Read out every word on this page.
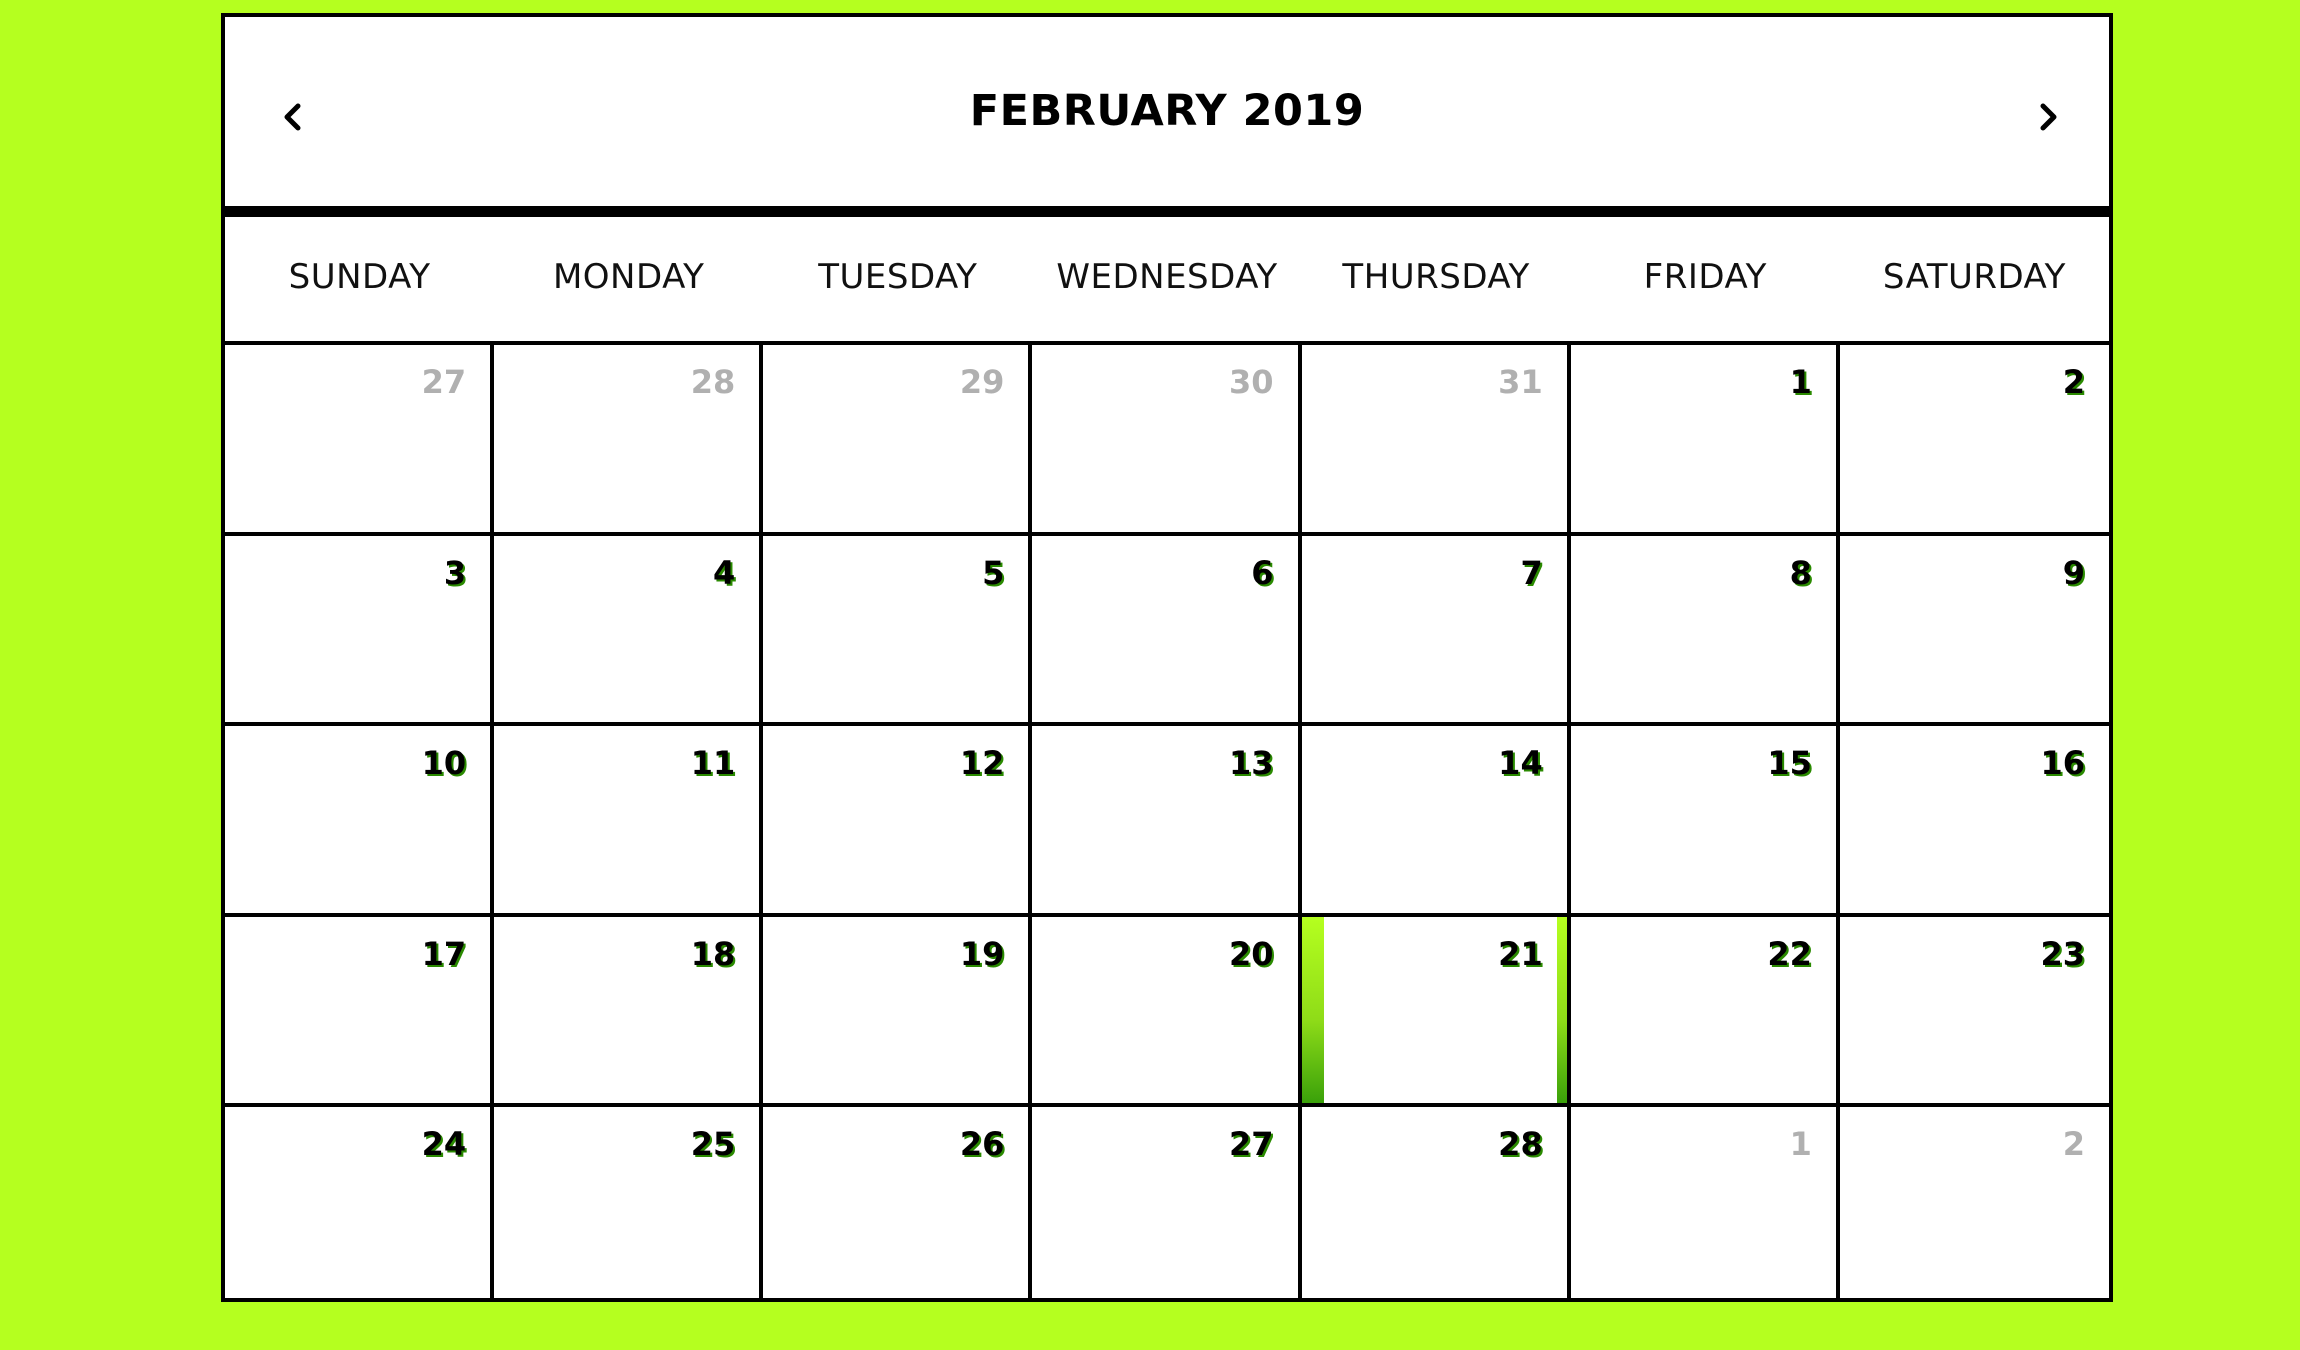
FEBRUARY 2019
SUNDAY	MONDAY	TUESDAY	WEDNESDAY	THURSDAY	FRIDAY	SATURDAY
27	28	29	30	31	1	2
3	4	5	6	7	8	9
10	11	12	13	14	15	16
17	18	19	20	21	22	23
24	25	26	27	28	1	2
